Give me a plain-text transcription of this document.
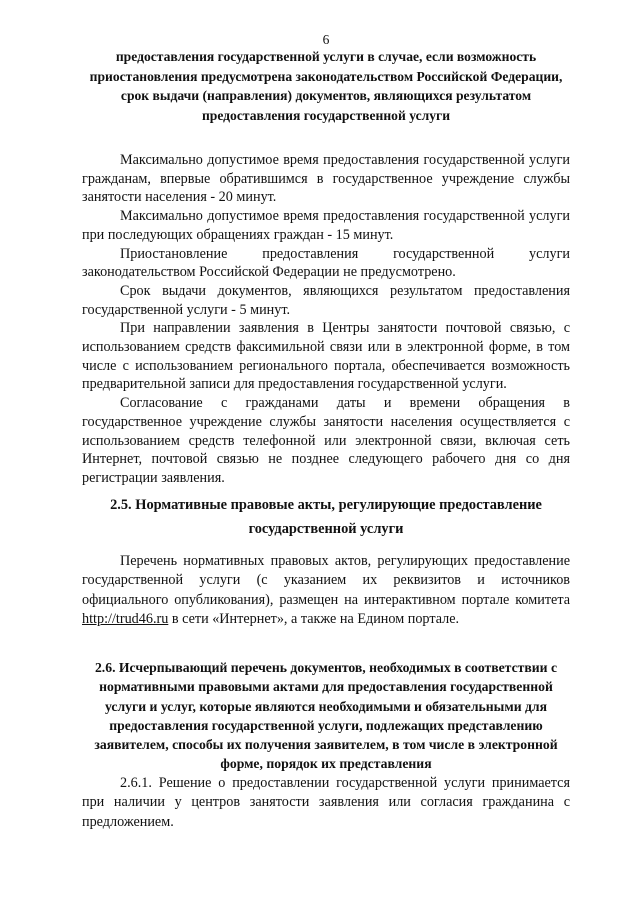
6
предоставления государственной услуги в случае, если возможность приостановления предусмотрена законодательством Российской Федерации, срок выдачи (направления) документов, являющихся результатом предоставления государственной услуги

Максимально допустимое время предоставления государственной услуги гражданам, впервые обратившимся в государственное учреждение службы занятости населения - 20 минут.

Максимально допустимое время предоставления государственной услуги при последующих обращениях граждан - 15 минут.

Приостановление предоставления государственной услуги законодательством Российской Федерации не предусмотрено.

Срок выдачи документов, являющихся результатом предоставления государственной услуги - 5 минут.

При направлении заявления в Центры занятости почтовой связью, с использованием средств факсимильной связи или в электронной форме, в том числе с использованием регионального портала, обеспечивается возможность предварительной записи для предоставления государственной услуги.

Согласование с гражданами даты и времени обращения в государственное учреждение службы занятости населения осуществляется с использованием средств телефонной или электронной связи, включая сеть Интернет, почтовой связью не позднее следующего рабочего дня со дня регистрации заявления.

2.5. Нормативные правовые акты, регулирующие предоставление государственной услуги

Перечень нормативных правовых актов, регулирующих предоставление государственной услуги (с указанием их реквизитов и источников официального опубликования), размещен на интерактивном портале комитета http://trud46.ru в сети «Интернет», а также на Едином портале.

2.6. Исчерпывающий перечень документов, необходимых в соответствии с нормативными правовыми актами для предоставления государственной услуги и услуг, которые являются необходимыми и обязательными для предоставления государственной услуги, подлежащих представлению заявителем, способы их получения заявителем, в том числе в электронной форме, порядок их представления

2.6.1. Решение о предоставлении государственной услуги принимается при наличии у центров занятости заявления или согласия гражданина с предложением.
